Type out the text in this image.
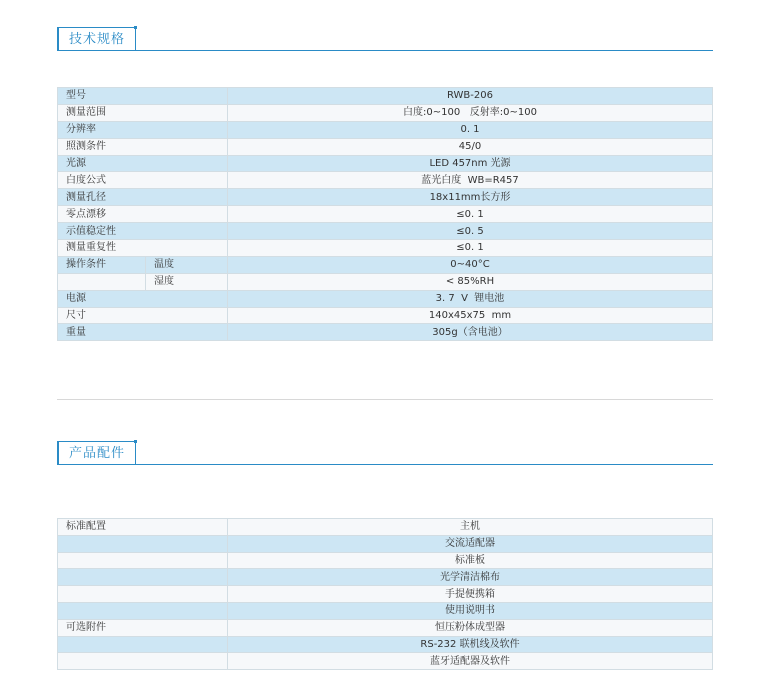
技术规格
型号		RWB-206
测量范围		白度:0~100   反射率:0~100
分辨率		0. 1
照测条件		45/0
光源		LED 457nm 光源
白度公式		蓝光白度  WB=R457
测量孔径		18x11mm长方形
零点漂移		≤0. 1
示值稳定性		≤0. 5
测量重复性		≤0. 1
操作条件	温度	0~40°C
	湿度	< 85%RH
电源		3. 7  V  锂电池
尺寸		140x45x75  mm
重量		305g（含电池）
产品配件
标准配置	主机
	交流适配器
	标准板
	光学清洁棉布
	手提便携箱
	使用说明书
可选附件	恒压粉体成型器
	RS-232 联机线及软件
	蓝牙适配器及软件
